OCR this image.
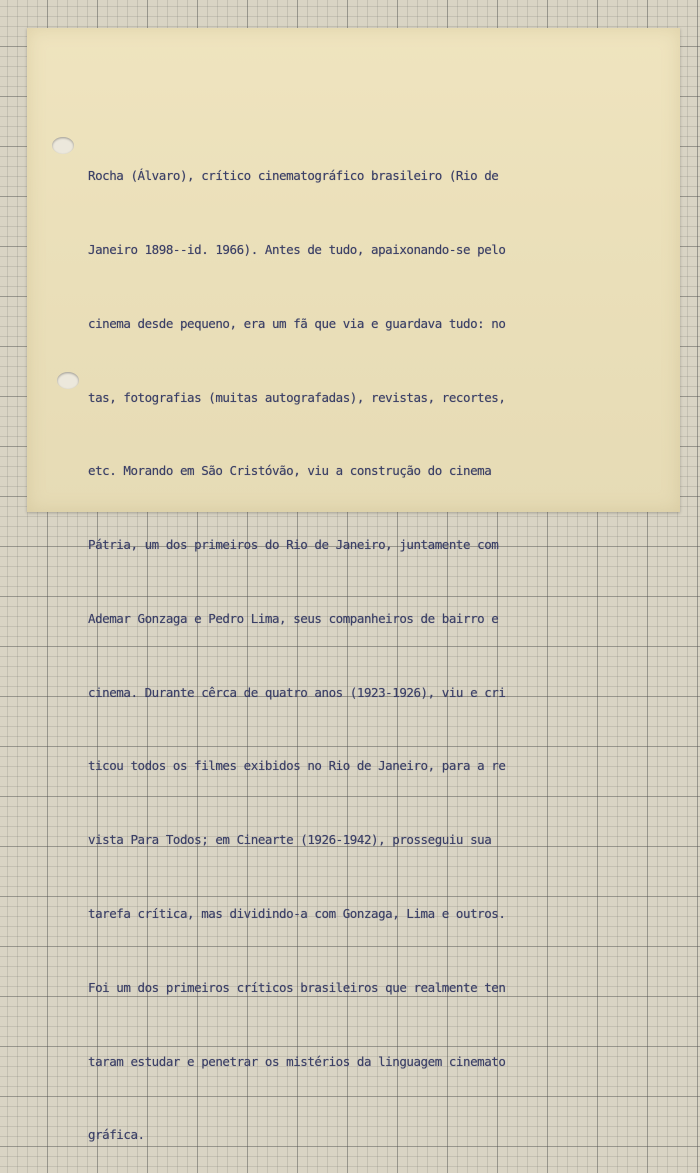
Rocha (Álvaro), crítico cinematográfico brasileiro (Rio de

Janeiro 1898--id. 1966). Antes de tudo, apaixonando-se pelo

cinema desde pequeno, era um fã que via e guardava tudo: no

tas, fotografias (muitas autografadas), revistas, recortes,

etc. Morando em São Cristóvão, viu a construção do cinema

Pátria, um dos primeiros do Rio de Janeiro, juntamente com

Ademar Gonzaga e Pedro Lima, seus companheiros de bairro e

cinema. Durante cêrca de quatro anos (1923-1926), viu e cri

ticou todos os filmes exibidos no Rio de Janeiro, para a re

vista Para Todos; em Cinearte (1926-1942), prosseguiu sua

tarefa crítica, mas dividindo-a com Gonzaga, Lima e outros.

Foi um dos primeiros críticos brasileiros que realmente ten

taram estudar e penetrar os mistérios da linguagem cinemato

gráfica.
